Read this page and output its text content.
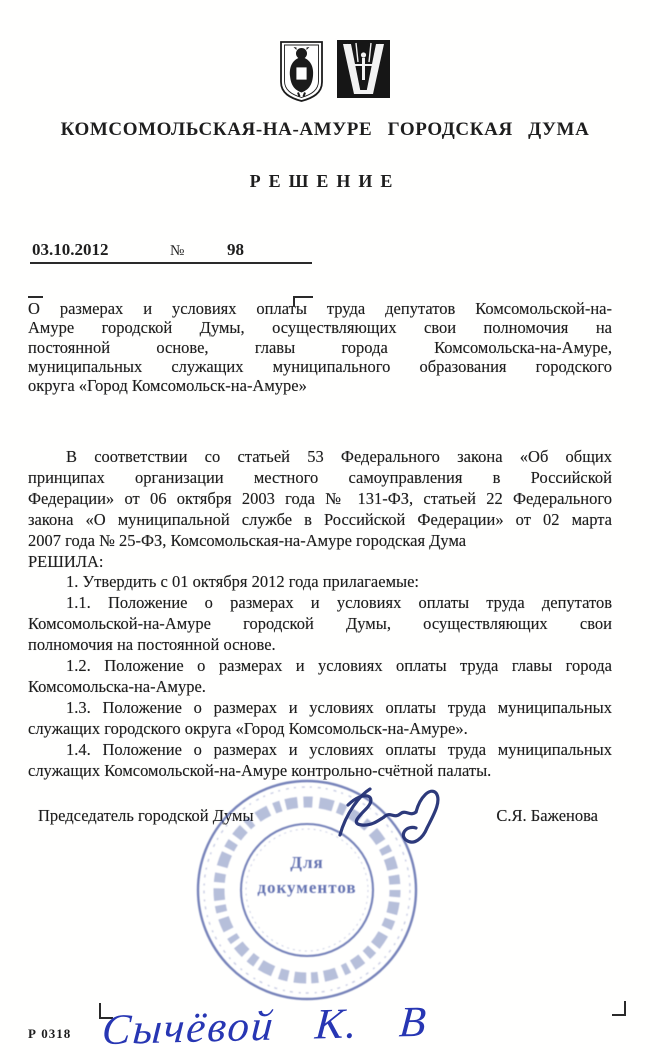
КОМСОМОЛЬСКАЯ-НА-АМУРЕ ГОРОДСКАЯ ДУМА
РЕШЕНИЕ
03.10.2012	№	98
О размерах и условиях оплаты труда депутатов Комсомольской-на-
Амуре городской Думы, осуществляющих свои полномочия на
постоянной основе, главы города Комсомольска-на-Амуре,
муниципальных служащих муниципального образования городского
округа «Город Комсомольск-на-Амуре»
В соответствии со статьей 53 Федерального закона «Об общих
принципах организации местного самоуправления в Российской
Федерации» от 06 октября 2003 года № 131-ФЗ, статьей 22 Федерального
закона «О муниципальной службе в Российской Федерации» от 02 марта
2007 года № 25-ФЗ, Комсомольская-на-Амуре городская Дума
РЕШИЛА:
1. Утвердить с 01 октября 2012 года прилагаемые:
1.1. Положение о размерах и условиях оплаты труда депутатов
Комсомольской-на-Амуре городской Думы, осуществляющих свои
полномочия на постоянной основе.
1.2. Положение о размерах и условиях оплаты труда главы города
Комсомольска-на-Амуре.
1.3. Положение о размерах и условиях оплаты труда муниципальных
служащих городского округа «Город Комсомольск-на-Амуре».
1.4. Положение о размерах и условиях оплаты труда муниципальных
служащих Комсомольской-на-Амуре контрольно-счётной палаты.
Председатель городской Думы	С.Я. Баженова
Для
документов
Р 0318 Сычёвой К. В
